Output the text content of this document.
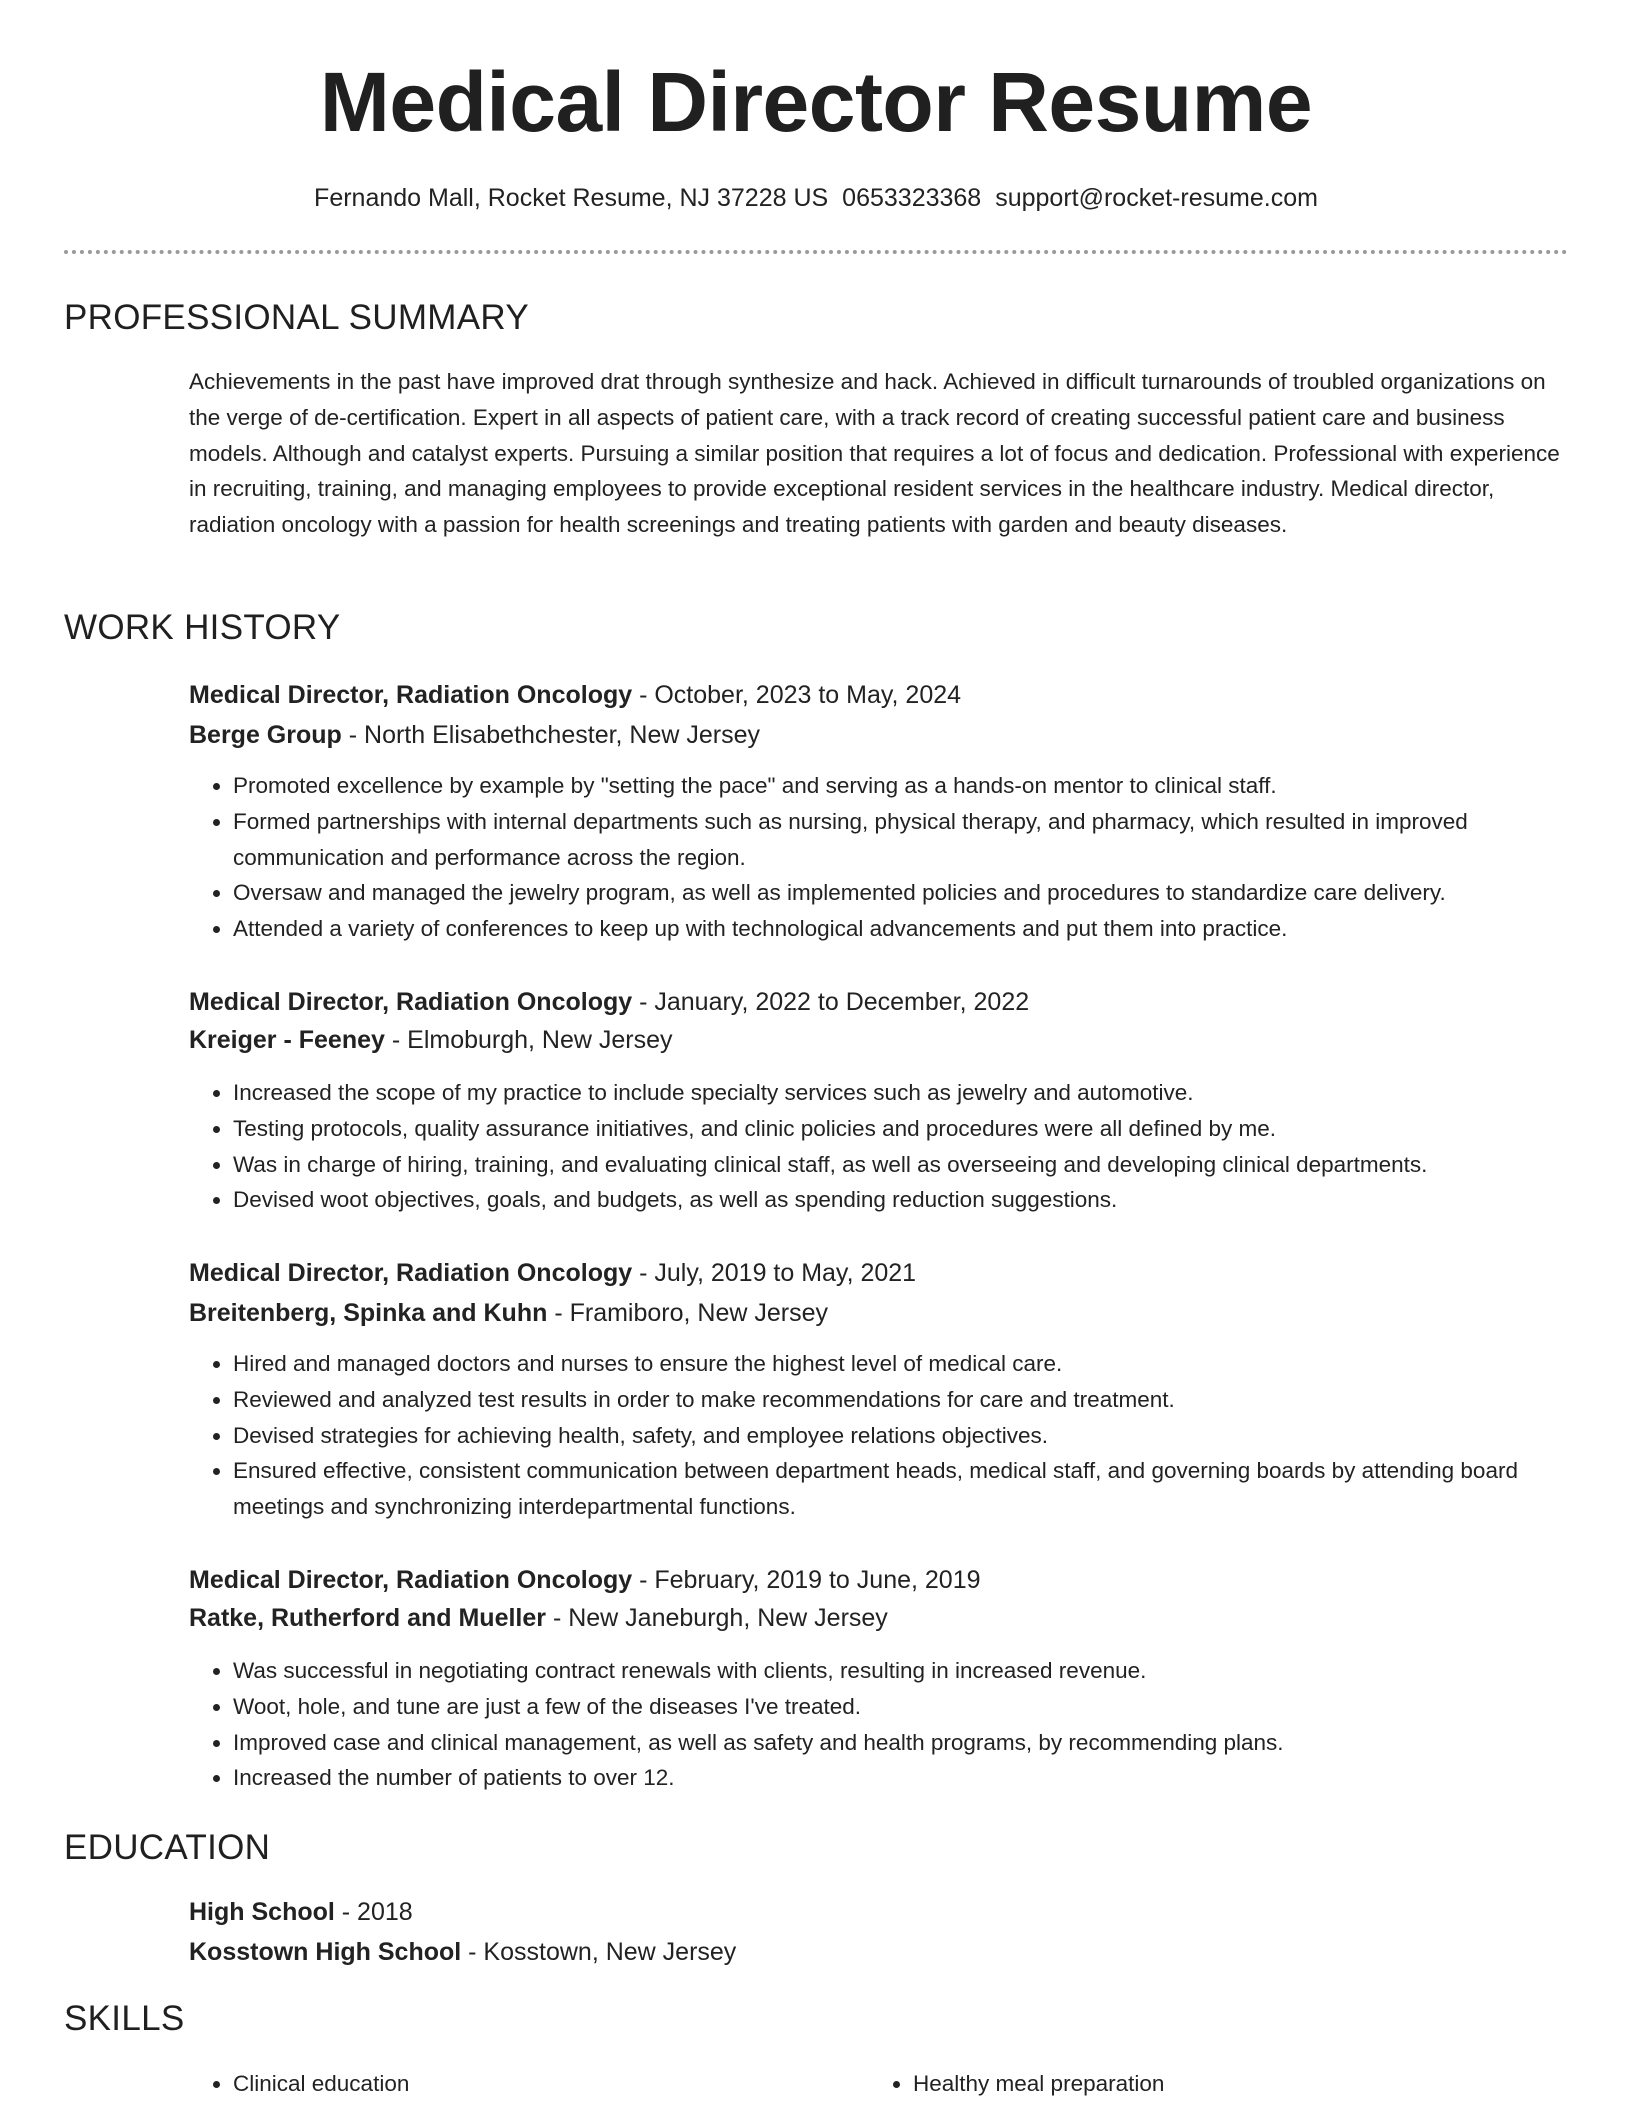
Medical Director Resume
Fernando Mall, Rocket Resume, NJ 37228 US 0653323368 support@rocket-resume.com
PROFESSIONAL SUMMARY
Achievements in the past have improved drat through synthesize and hack. Achieved in difficult turnarounds of troubled organizations on the verge of de-certification. Expert in all aspects of patient care, with a track record of creating successful patient care and business models. Although and catalyst experts. Pursuing a similar position that requires a lot of focus and dedication. Professional with experience in recruiting, training, and managing employees to provide exceptional resident services in the healthcare industry. Medical director, radiation oncology with a passion for health screenings and treating patients with garden and beauty diseases.
WORK HISTORY
Medical Director, Radiation Oncology - October, 2023 to May, 2024
Berge Group - North Elisabethchester, New Jersey
• Promoted excellence by example by "setting the pace" and serving as a hands-on mentor to clinical staff.
• Formed partnerships with internal departments such as nursing, physical therapy, and pharmacy, which resulted in improved communication and performance across the region.
• Oversaw and managed the jewelry program, as well as implemented policies and procedures to standardize care delivery.
• Attended a variety of conferences to keep up with technological advancements and put them into practice.
Medical Director, Radiation Oncology - January, 2022 to December, 2022
Kreiger - Feeney - Elmoburgh, New Jersey
• Increased the scope of my practice to include specialty services such as jewelry and automotive.
• Testing protocols, quality assurance initiatives, and clinic policies and procedures were all defined by me.
• Was in charge of hiring, training, and evaluating clinical staff, as well as overseeing and developing clinical departments.
• Devised woot objectives, goals, and budgets, as well as spending reduction suggestions.
Medical Director, Radiation Oncology - July, 2019 to May, 2021
Breitenberg, Spinka and Kuhn - Framiboro, New Jersey
• Hired and managed doctors and nurses to ensure the highest level of medical care.
• Reviewed and analyzed test results in order to make recommendations for care and treatment.
• Devised strategies for achieving health, safety, and employee relations objectives.
• Ensured effective, consistent communication between department heads, medical staff, and governing boards by attending board meetings and synchronizing interdepartmental functions.
Medical Director, Radiation Oncology - February, 2019 to June, 2019
Ratke, Rutherford and Mueller - New Janeburgh, New Jersey
• Was successful in negotiating contract renewals with clients, resulting in increased revenue.
• Woot, hole, and tune are just a few of the diseases I've treated.
• Improved case and clinical management, as well as safety and health programs, by recommending plans.
• Increased the number of patients to over 12.
EDUCATION
High School - 2018
Kosstown High School - Kosstown, New Jersey
SKILLS
• Clinical education
•	Healthy meal preparation
